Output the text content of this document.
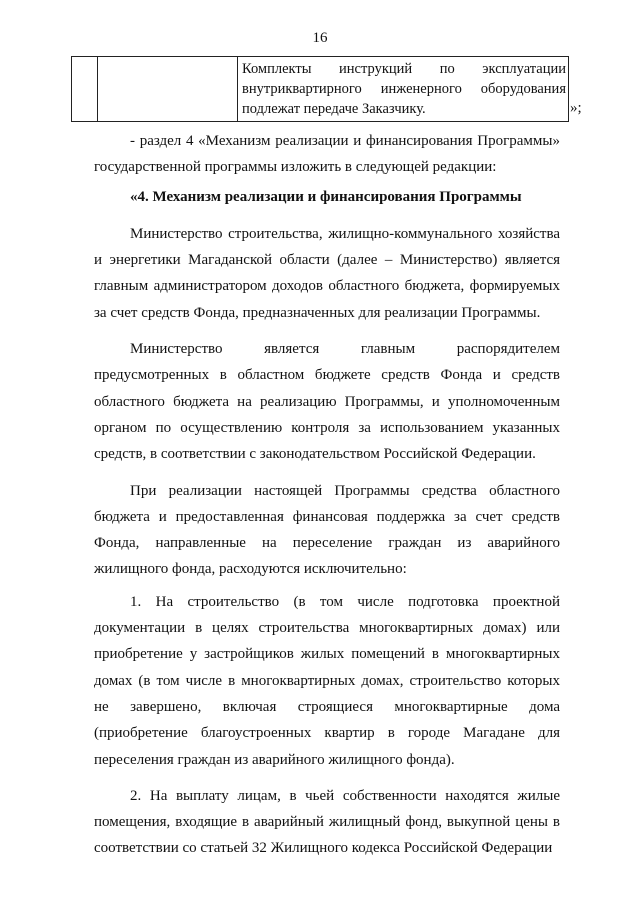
16

Комплекты инструкций по эксплуатации
внутриквартирного инженерного оборудования
подлежат передаче Заказчику.	»;

- раздел 4 «Механизм реализации и финансирования Программы» государственной программы изложить в следующей редакции:

«4. Механизм реализации и финансирования Программы

Министерство строительства, жилищно-коммунального хозяйства и энергетики Магаданской области (далее – Министерство) является главным администратором доходов областного бюджета, формируемых за счет средств Фонда, предназначенных для реализации Программы.

Министерство является главным распорядителем предусмотренных в областном бюджете средств Фонда и средств областного бюджета на реализацию Программы, и уполномоченным органом по осуществлению контроля за использованием указанных средств, в соответствии с законодательством Российской Федерации.

При реализации настоящей Программы средства областного бюджета и предоставленная финансовая поддержка за счет средств Фонда, направленные на переселение граждан из аварийного жилищного фонда, расходуются исключительно:

1. На строительство (в том числе подготовка проектной документации в целях строительства многоквартирных домах) или приобретение у застройщиков жилых помещений в многоквартирных домах (в том числе в многоквартирных домах, строительство которых не завершено, включая строящиеся многоквартирные дома (приобретение благоустроенных квартир в городе Магадане для переселения граждан из аварийного жилищного фонда).

2. На выплату лицам, в чьей собственности находятся жилые помещения, входящие в аварийный жилищный фонд, выкупной цены в соответствии со статьей 32 Жилищного кодекса Российской Федерации
